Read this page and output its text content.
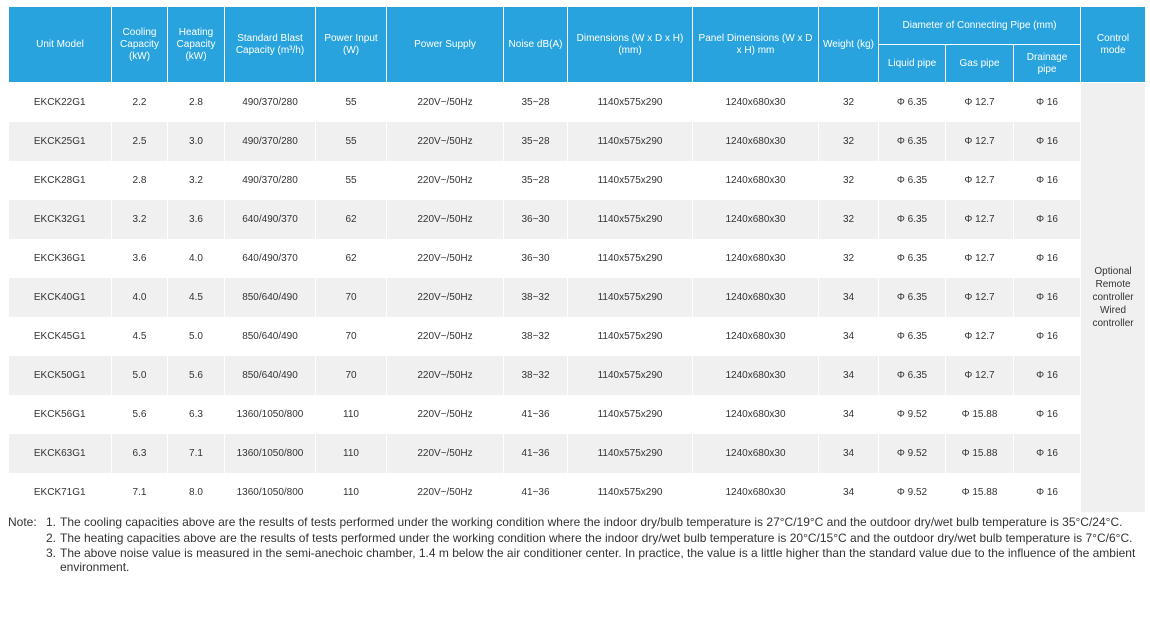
Unit Model	Cooling Capacity (kW)	Heating Capacity (kW)	Standard Blast Capacity (m³/h)	Power Input (W)	Power Supply	Noise dB(A)	Dimensions (W x D x H) (mm)	Panel Dimensions (W x D x H) mm	Weight (kg)	Diameter of Connecting Pipe (mm)			Control mode
										Liquid pipe	Gas pipe	Drainage pipe	
EKCK22G1	2.2	2.8	490/370/280	55	220V~/50Hz	35~28	1140x575x290	1240x680x30	32	Φ 6.35	Φ 12.7	Φ 16	Optional Remote controller Wired controller
EKCK25G1	2.5	3.0	490/370/280	55	220V~/50Hz	35~28	1140x575x290	1240x680x30	32	Φ 6.35	Φ 12.7	Φ 16	
EKCK28G1	2.8	3.2	490/370/280	55	220V~/50Hz	35~28	1140x575x290	1240x680x30	32	Φ 6.35	Φ 12.7	Φ 16	
EKCK32G1	3.2	3.6	640/490/370	62	220V~/50Hz	36~30	1140x575x290	1240x680x30	32	Φ 6.35	Φ 12.7	Φ 16	
EKCK36G1	3.6	4.0	640/490/370	62	220V~/50Hz	36~30	1140x575x290	1240x680x30	32	Φ 6.35	Φ 12.7	Φ 16	
EKCK40G1	4.0	4.5	850/640/490	70	220V~/50Hz	38~32	1140x575x290	1240x680x30	34	Φ 6.35	Φ 12.7	Φ 16	
EKCK45G1	4.5	5.0	850/640/490	70	220V~/50Hz	38~32	1140x575x290	1240x680x30	34	Φ 6.35	Φ 12.7	Φ 16	
EKCK50G1	5.0	5.6	850/640/490	70	220V~/50Hz	38~32	1140x575x290	1240x680x30	34	Φ 6.35	Φ 12.7	Φ 16	
EKCK56G1	5.6	6.3	1360/1050/800	110	220V~/50Hz	41~36	1140x575x290	1240x680x30	34	Φ 9.52	Φ 15.88	Φ 16	
EKCK63G1	6.3	7.1	1360/1050/800	110	220V~/50Hz	41~36	1140x575x290	1240x680x30	34	Φ 9.52	Φ 15.88	Φ 16	
EKCK71G1	7.1	8.0	1360/1050/800	110	220V~/50Hz	41~36	1140x575x290	1240x680x30	34	Φ 9.52	Φ 15.88	Φ 16	
Note: 1. The cooling capacities above are the results of tests performed under the working condition where the indoor dry/bulb temperature is 27°C/19°C and the outdoor dry/wet bulb temperature is 35°C/24°C.
2. The heating capacities above are the results of tests performed under the working condition where the indoor dry/wet bulb temperature is 20°C/15°C and the outdoor dry/wet bulb temperature is 7°C/6°C.
3. The above noise value is measured in the semi-anechoic chamber, 1.4 m below the air conditioner center. In practice, the value is a little higher than the standard value due to the influence of the ambient environment.
